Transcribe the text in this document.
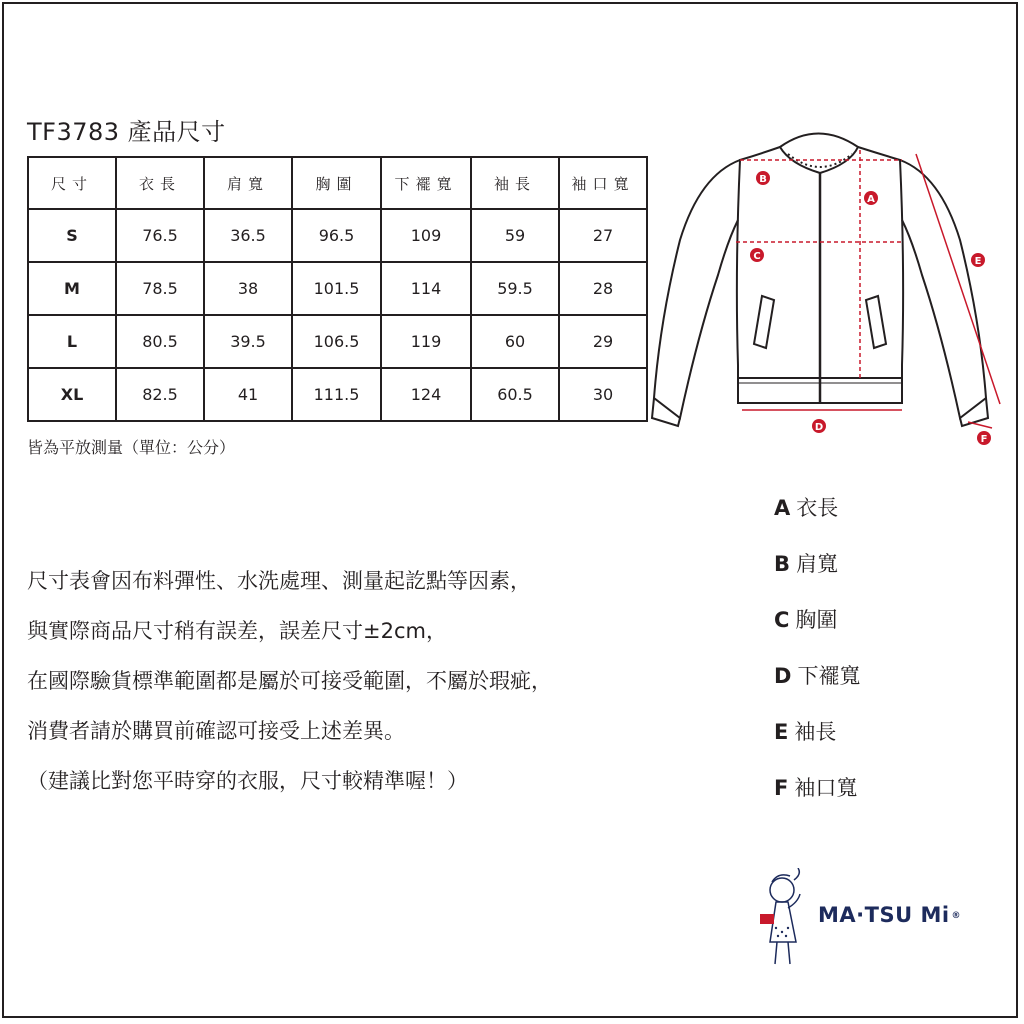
TF3783 產品尺寸
尺寸	衣長	肩寬	胸圍	下襬寬	袖長	袖口寬
S	76.5	36.5	96.5	109	59	27
M	78.5	38	101.5	114	59.5	28
L	80.5	39.5	106.5	119	60	29
XL	82.5	41	111.5	124	60.5	30
皆為平放測量（單位：公分）
尺寸表會因布料彈性、水洗處理、測量起訖點等因素，
與實際商品尺寸稍有誤差，誤差尺寸±2cm，
在國際驗貨標準範圍都是屬於可接受範圍，不屬於瑕疵，
消費者請於購買前確認可接受上述差異。
（建議比對您平時穿的衣服，尺寸較精準喔！）
B
A
C	E
D
F
A 衣長
B 肩寬
C 胸圍
D 下襬寬
E 袖長
F 袖口寬
MA·TSU Mi ®
